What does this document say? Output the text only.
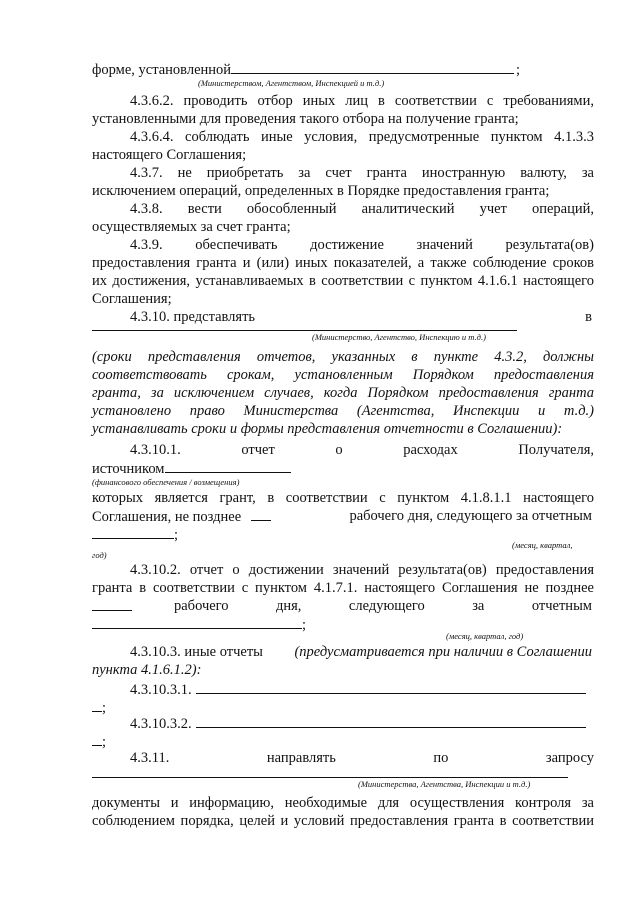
форме, установленной	;
(Министерством, Агентством, Инспекцией и т.д.)
4.3.6.2. проводить отбор иных лиц в соответствии с требованиями,
установленными для проведения такого отбора на получение гранта;
4.3.6.4. соблюдать иные условия, предусмотренные пунктом 4.1.3.3
настоящего Соглашения;
4.3.7. не приобретать за счет гранта иностранную валюту, за
исключением операций, определенных в Порядке предоставления гранта;
4.3.8. вести обособленный аналитический учет операций,
осуществляемых за счет гранта;
4.3.9. обеспечивать достижение значений результата(ов)
предоставления гранта и (или) иных показателей, а также соблюдение сроков
их достижения, устанавливаемых в соответствии с пунктом 4.1.6.1 настоящего
Соглашения;
4.3.10. представлять	в
(Министерство, Агентство, Инспекцию и т.д.)
(сроки представления отчетов, указанных в пункте 4.3.2, должны
соответствовать срокам, установленным Порядком предоставления
гранта, за исключением случаев, когда Порядком предоставления гранта
установлено право Министерства (Агентства, Инспекции и т.д.)
устанавливать сроки и формы представления отчетности в Соглашении):
4.3.10.1. отчет о расходах Получателя,
источником
(финансового обеспечения / возмещения)
которых является грант, в соответствии с пунктом 4.1.8.1.1 настоящего
Соглашения, не позднее	рабочего дня, следующего за отчетным
;
(месяц, квартал,
год)
4.3.10.2. отчет о достижении значений результата(ов) предоставления
гранта в соответствии с пунктом 4.1.7.1. настоящего Соглашения не позднее
рабочего дня, следующего за отчетным
;
(месяц, квартал, год)
4.3.10.3. иные отчеты (предусматривается при наличии в Соглашении
пункта 4.1.6.1.2):
4.3.10.3.1.
;
4.3.10.3.2.
;
4.3.11. направлять по запросу
(Министерства, Агентства, Инспекции и т.д.)
документы и информацию, необходимые для осуществления контроля за
соблюдением порядка, целей и условий предоставления гранта в соответствии
